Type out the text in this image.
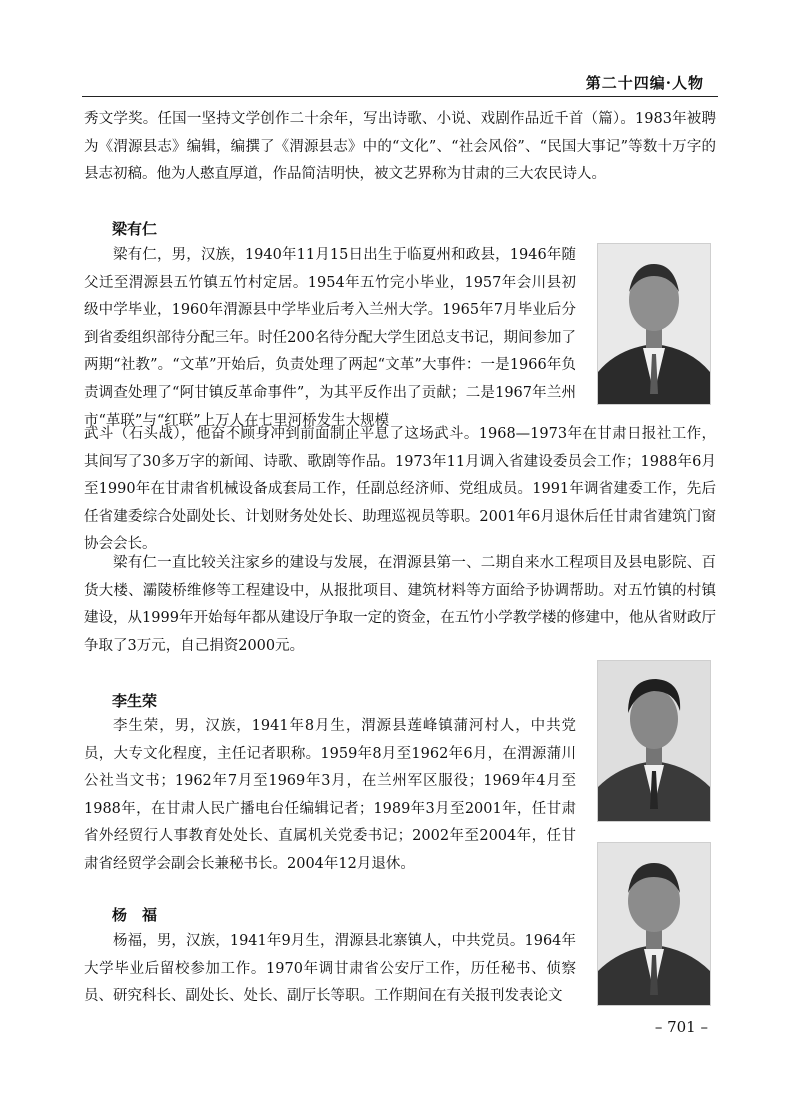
第二十四编·人物

秀文学奖。任国一坚持文学创作二十余年，写出诗歌、小说、戏剧作品近千首（篇）。1983年被聘为《渭源县志》编辑，编撰了《渭源县志》中的“文化”、“社会风俗”、“民国大事记”等数十万字的县志初稿。他为人憨直厚道，作品简洁明快，被文艺界称为甘肃的三大农民诗人。

梁有仁

梁有仁，男，汉族，1940年11月15日出生于临夏州和政县，1946年随父迁至渭源县五竹镇五竹村定居。1954年五竹完小毕业，1957年会川县初级中学毕业，1960年渭源县中学毕业后考入兰州大学。1965年7月毕业后分到省委组织部待分配三年。时任200名待分配大学生团总支书记，期间参加了两期“社教”。“文革”开始后，负责处理了两起“文革”大事件：一是1966年负责调查处理了“阿甘镇反革命事件”，为其平反作出了贡献；二是1967年兰州市“革联”与“红联”上万人在七里河桥发生大规模

武斗（石头战），他奋不顾身冲到前面制止平息了这场武斗。1968—1973年在甘肃日报社工作，其间写了30多万字的新闻、诗歌、歌剧等作品。1973年11月调入省建设委员会工作；1988年6月至1990年在甘肃省机械设备成套局工作，任副总经济师、党组成员。1991年调省建委工作，先后任省建委综合处副处长、计划财务处处长、助理巡视员等职。2001年6月退休后任甘肃省建筑门窗协会会长。

梁有仁一直比较关注家乡的建设与发展，在渭源县第一、二期自来水工程项目及县电影院、百货大楼、灞陵桥维修等工程建设中，从报批项目、建筑材料等方面给予协调帮助。对五竹镇的村镇建设，从1999年开始每年都从建设厅争取一定的资金，在五竹小学教学楼的修建中，他从省财政厅争取了3万元，自己捐资2000元。

李生荣

李生荣，男，汉族，1941年8月生，渭源县莲峰镇蒲河村人，中共党员，大专文化程度，主任记者职称。1959年8月至1962年6月，在渭源蒲川公社当文书；1962年7月至1969年3月，在兰州军区服役；1969年4月至1988年，在甘肃人民广播电台任编辑记者；1989年3月至2001年，任甘肃省外经贸行人事教育处处长、直属机关党委书记；2002年至2004年，任甘肃省经贸学会副会长兼秘书长。2004年12月退休。

杨　福

杨福，男，汉族，1941年9月生，渭源县北寨镇人，中共党员。1964年大学毕业后留校参加工作。1970年调甘肃省公安厅工作，历任秘书、侦察员、研究科长、副处长、处长、副厅长等职。工作期间在有关报刊发表论文

– 701 –
